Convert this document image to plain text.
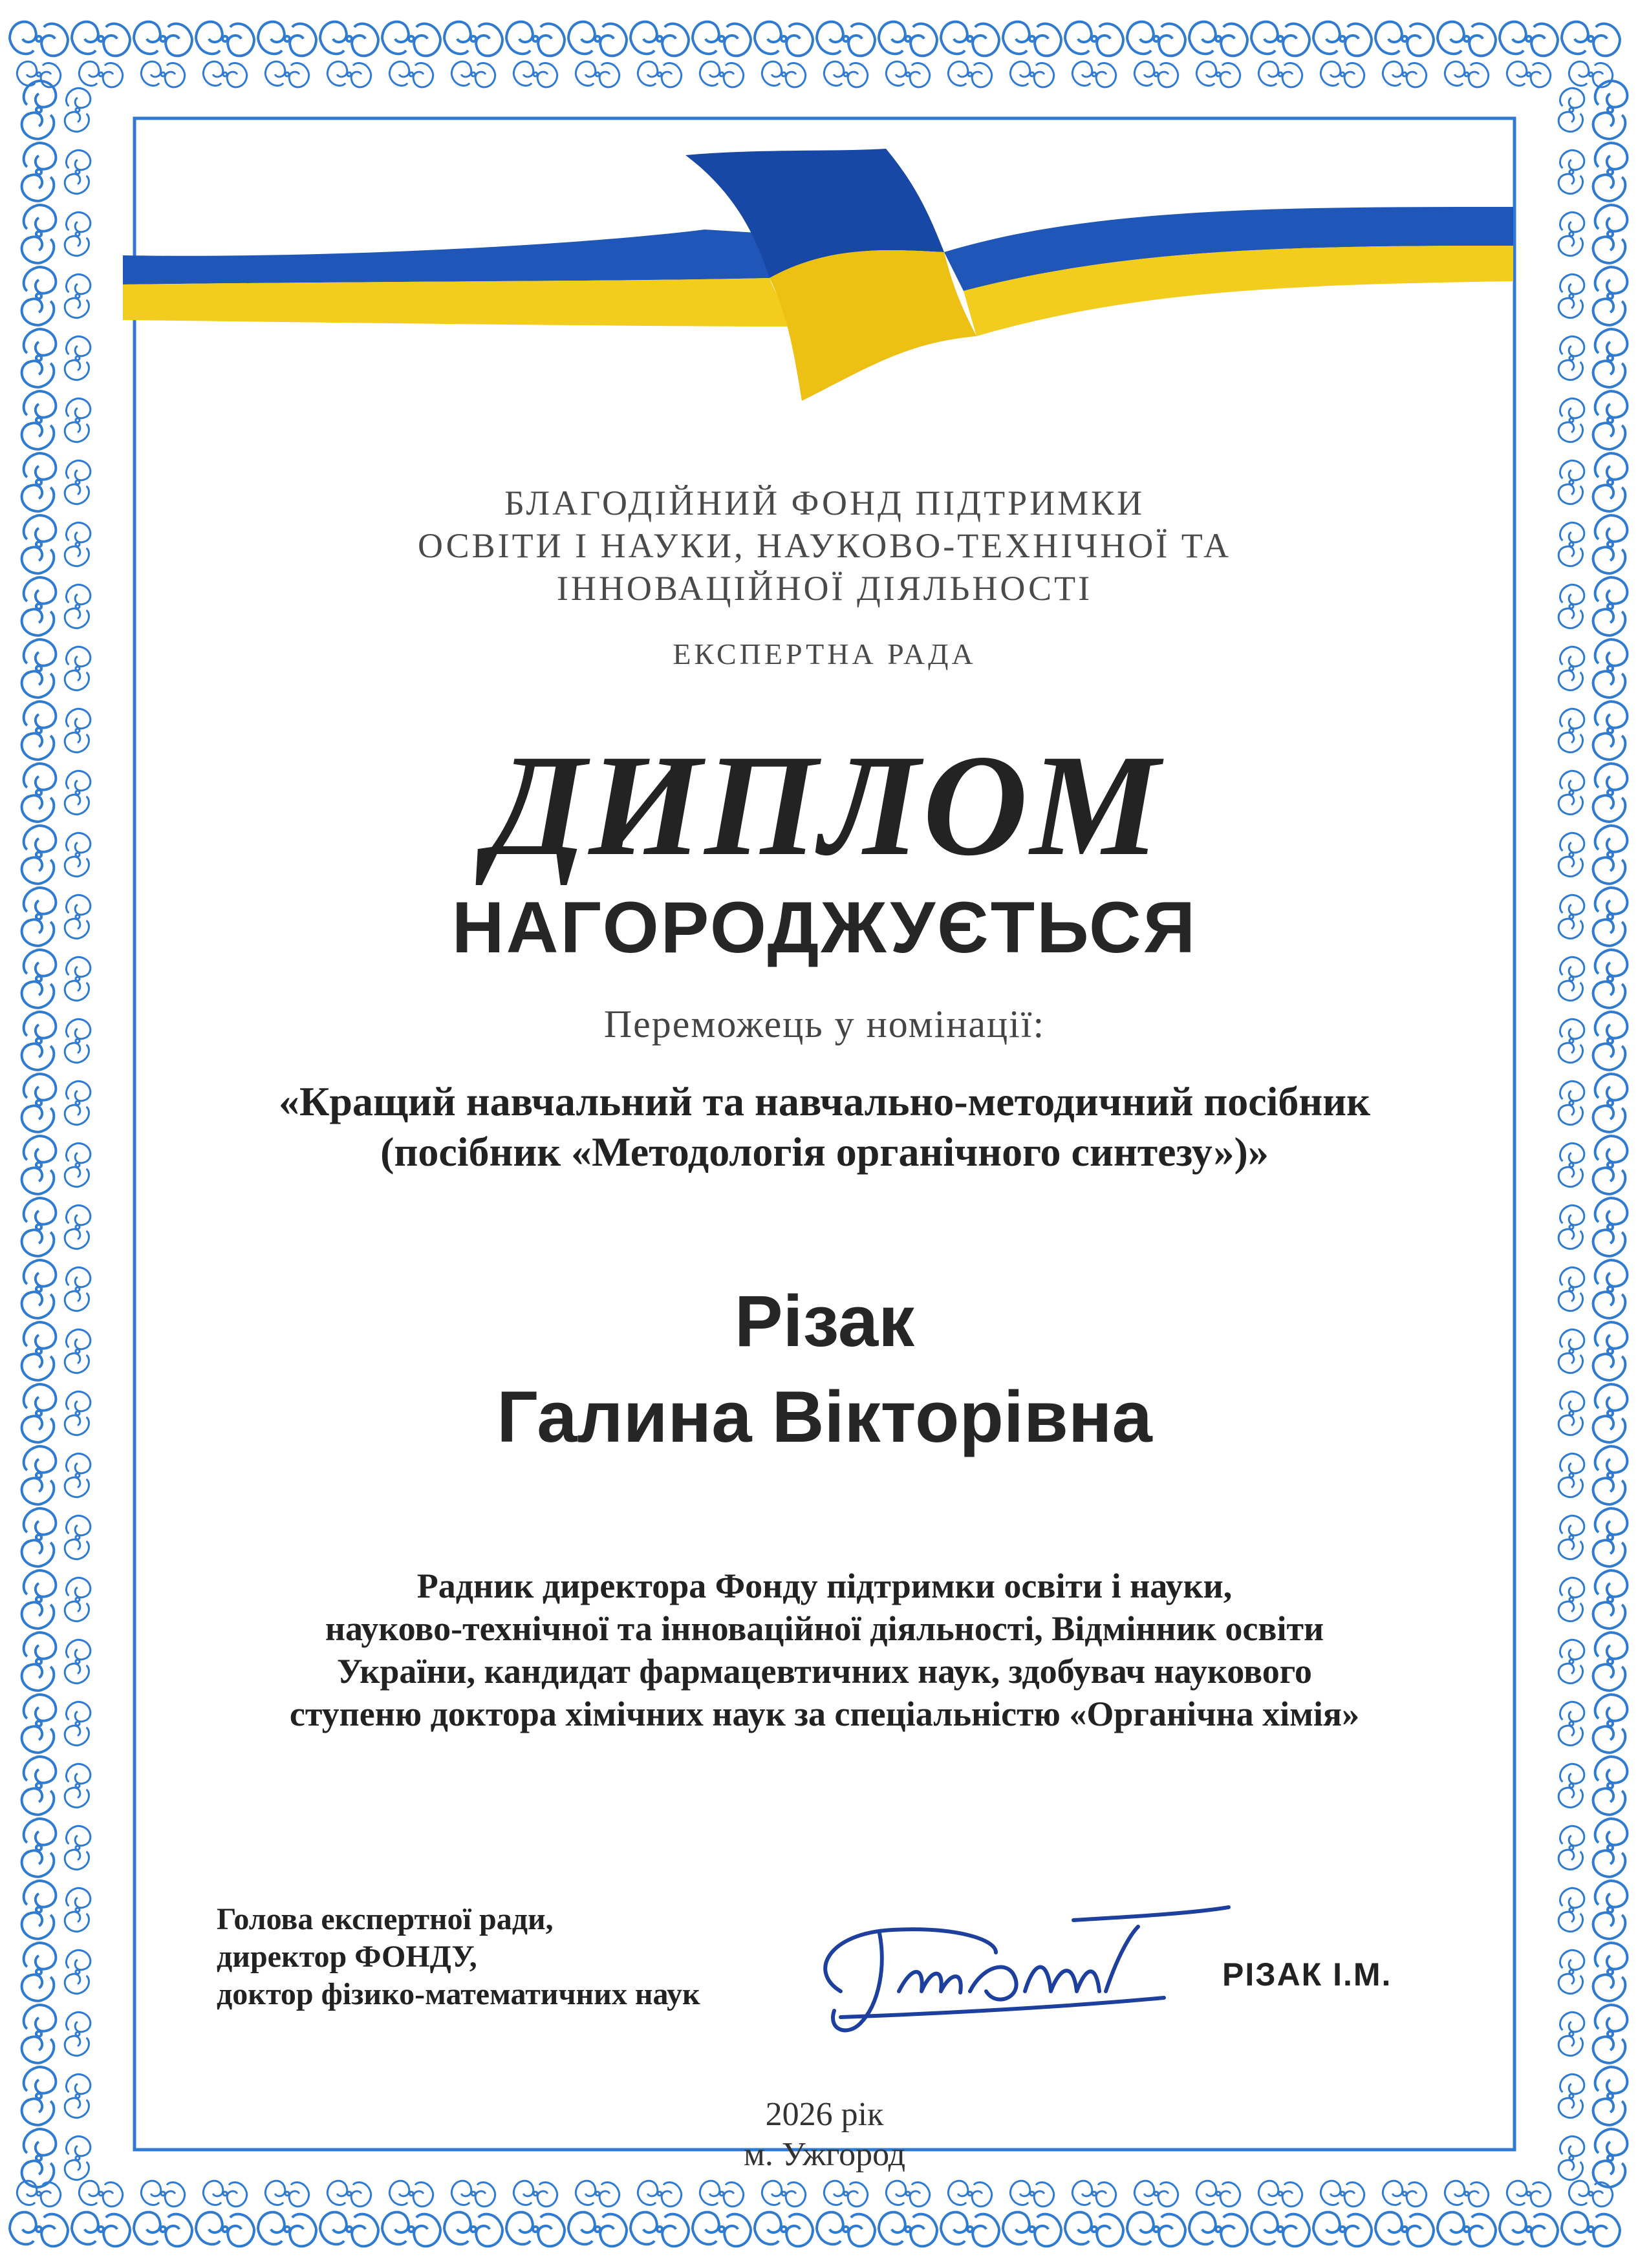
БЛАГОДІЙНИЙ ФОНД ПІДТРИМКИ
ОСВІТИ І НАУКИ, НАУКОВО-ТЕХНІЧНОЇ ТА
ІННОВАЦІЙНОЇ ДІЯЛЬНОСТІ
ЕКСПЕРТНА РАДА
ДИПЛОМ
НАГОРОДЖУЄТЬСЯ
Переможець у номінації:
«Кращий навчальний та навчально-методичний посібник
(посібник «Методологія органічного синтезу»)»
Різак
Галина Вікторівна
Радник директора Фонду підтримки освіти і науки,
науково-технічної та інноваційної діяльності, Відмінник освіти
України, кандидат фармацевтичних наук, здобувач наукового
ступеню доктора хімічних наук за спеціальністю «Органічна хімія»
Голова експертної ради,
директор ФОНДУ,
доктор фізико-математичних наук
РІЗАК І.М.
2026 рік
м. Ужгород
